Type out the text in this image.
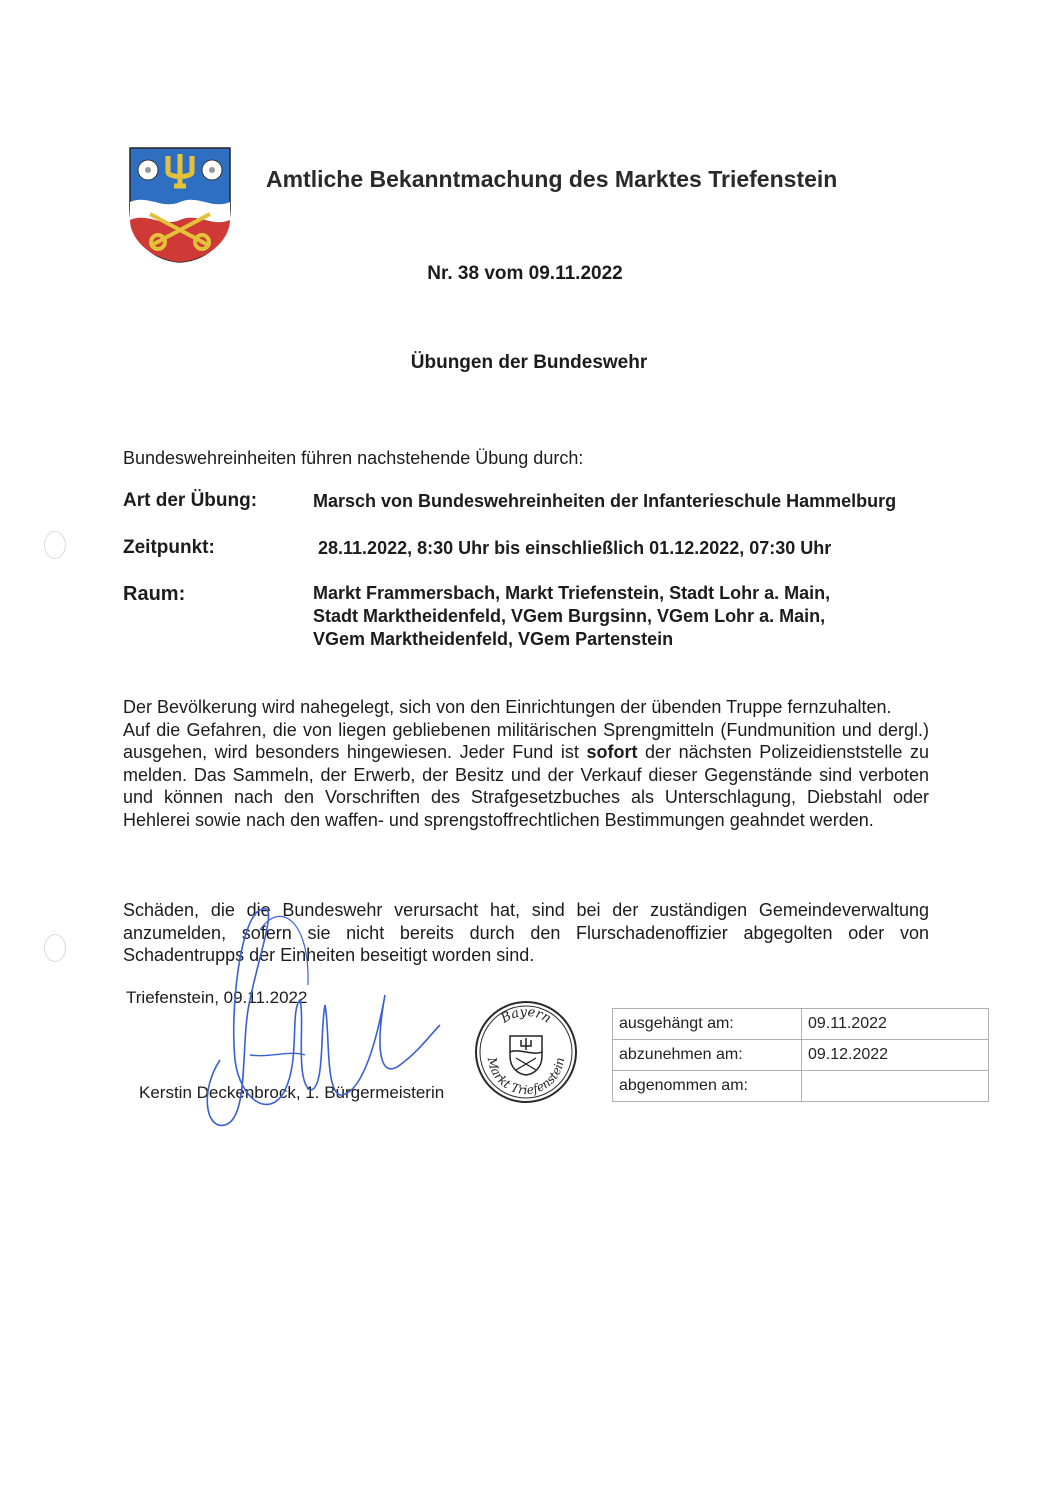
Amtliche Bekanntmachung des Marktes Triefenstein
Nr. 38 vom 09.11.2022
Übungen der Bundeswehr
Bundeswehreinheiten führen nachstehende Übung durch:
Art der Übung:	Marsch von Bundeswehreinheiten der Infanterieschule Hammelburg
Zeitpunkt:	28.11.2022, 8:30 Uhr bis einschließlich 01.12.2022, 07:30 Uhr
Raum:	Markt Frammersbach, Markt Triefenstein, Stadt Lohr a. Main,
Stadt Marktheidenfeld, VGem Burgsinn, VGem Lohr a. Main,
VGem Marktheidenfeld, VGem Partenstein
Der Bevölkerung wird nahegelegt, sich von den Einrichtungen der übenden Truppe fernzuhalten.
Auf die Gefahren, die von liegen gebliebenen militärischen Sprengmitteln (Fundmunition und dergl.) ausgehen, wird besonders hingewiesen. Jeder Fund ist sofort der nächsten Polizeidienststelle zu melden. Das Sammeln, der Erwerb, der Besitz und der Verkauf dieser Gegenstände sind verboten und können nach den Vorschriften des Strafgesetzbuches als Unterschlagung, Diebstahl oder Hehlerei sowie nach den waffen- und sprengstoffrechtlichen Bestimmungen geahndet werden.
Schäden, die die Bundeswehr verursacht hat, sind bei der zuständigen Gemeindeverwaltung anzumelden, sofern sie nicht bereits durch den Flurschadenoffizier abgegolten oder von Schadentrupps der Einheiten beseitigt worden sind.
Triefenstein, 09.11.2022
Kerstin Deckenbrock, 1. Bürgermeisterin
Bayern
Markt Triefenstein
ausgehängt am:	09.11.2022
abzunehmen am:	09.12.2022
abgenommen am:	
